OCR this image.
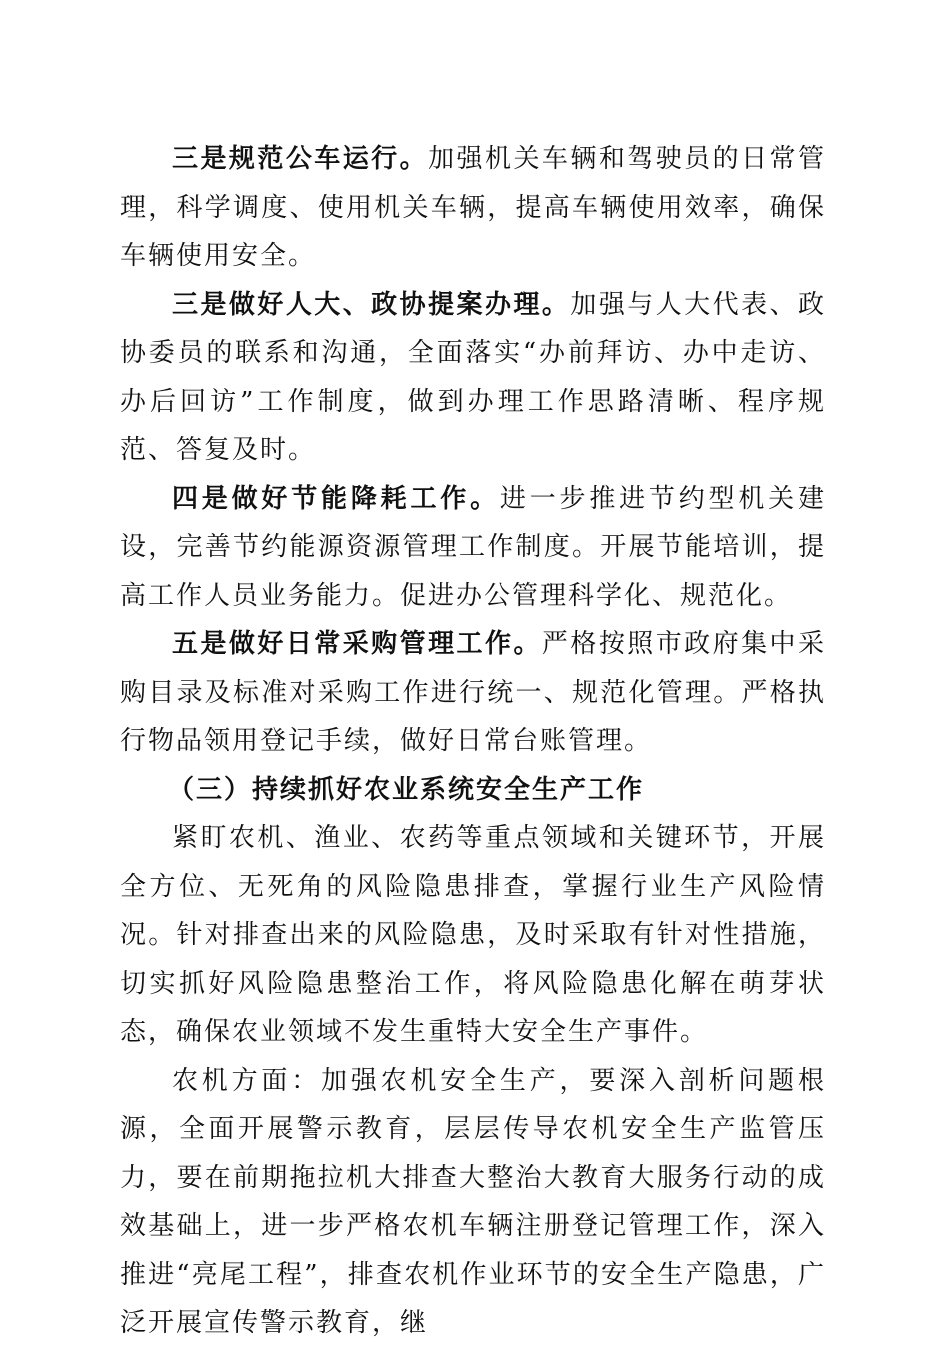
三是规范公车运行。加强机关车辆和驾驶员的日常管理，科学调度、使用机关车辆，提高车辆使用效率，确保车辆使用安全。

三是做好人大、政协提案办理。加强与人大代表、政协委员的联系和沟通，全面落实“办前拜访、办中走访、办后回访”工作制度，做到办理工作思路清晰、程序规范、答复及时。

四是做好节能降耗工作。进一步推进节约型机关建设，完善节约能源资源管理工作制度。开展节能培训，提高工作人员业务能力。促进办公管理科学化、规范化。

五是做好日常采购管理工作。严格按照市政府集中采购目录及标准对采购工作进行统一、规范化管理。严格执行物品领用登记手续，做好日常台账管理。

（三）持续抓好农业系统安全生产工作

紧盯农机、渔业、农药等重点领域和关键环节，开展全方位、无死角的风险隐患排查，掌握行业生产风险情况。针对排查出来的风险隐患，及时采取有针对性措施，切实抓好风险隐患整治工作，将风险隐患化解在萌芽状态，确保农业领域不发生重特大安全生产事件。

农机方面：加强农机安全生产，要深入剖析问题根源，全面开展警示教育，层层传导农机安全生产监管压力，要在前期拖拉机大排查大整治大教育大服务行动的成效基础上，进一步严格农机车辆注册登记管理工作，深入推进“亮尾工程”，排查农机作业环节的安全生产隐患，广泛开展宣传警示教育，继
